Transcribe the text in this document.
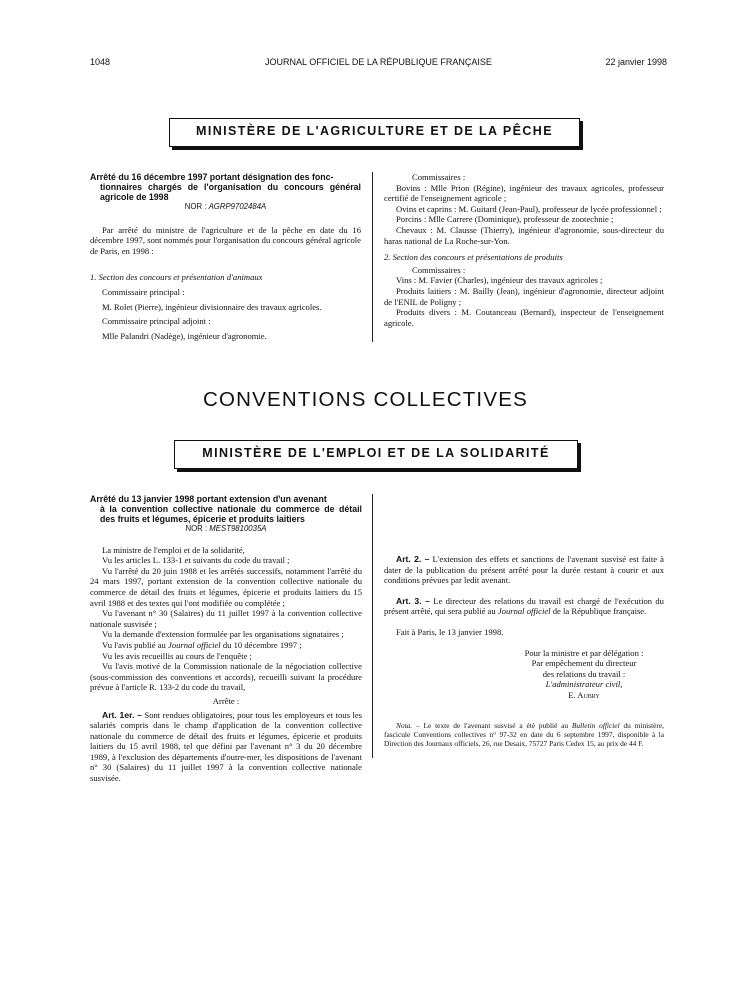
1048	JOURNAL OFFICIEL DE LA RÉPUBLIQUE FRANÇAISE	22 janvier 1998
MINISTÈRE DE L'AGRICULTURE ET DE LA PÊCHE

Arrêté du 16 décembre 1997 portant désignation des fonc-
tionnaires chargés de l'organisation du concours général agricole de 1998

NOR : AGRP9702484A

Par arrêté du ministre de l'agriculture et de la pêche en date du 16 décembre 1997, sont nommés pour l'organisation du concours général agricole de Paris, en 1998 :

1. Section des concours et présentation d'animaux

Commissaire principal :

M. Rolet (Pierre), ingénieur divisionnaire des travaux agricoles.

Commissaire principal adjoint :

Mlle Palandri (Nadège), ingénieur d'agronomie.

Commissaires :

Bovins : Mlle Prion (Régine), ingénieur des travaux agricoles, professeur certifié de l'enseignement agricole ;

Ovins et caprins : M. Guitard (Jean-Paul), professeur de lycée professionnel ;

Porcins : Mlle Carrere (Dominique), professeur de zootechnie ;

Chevaux : M. Clausse (Thierry), ingénieur d'agronomie, sous-directeur du haras national de La Roche-sur-Yon.

2. Section des concours et présentations de produits

Commissaires :

Vins : M. Favier (Charles), ingénieur des travaux agricoles ;

Produits laitiers : M. Bailly (Jean), ingénieur d'agronomie, directeur adjoint de l'ENIL de Poligny ;

Produits divers : M. Coutanceau (Bernard), inspecteur de l'enseignement agricole.

CONVENTIONS COLLECTIVES
MINISTÈRE DE L'EMPLOI ET DE LA SOLIDARITÉ

Arrêté du 13 janvier 1998 portant extension d'un avenant
à la convention collective nationale du commerce de détail des fruits et légumes, épicerie et produits laitiers

NOR : MEST9810035A

La ministre de l'emploi et de la solidarité,

Vu les articles L. 133-1 et suivants du code du travail ;

Vu l'arrêté du 20 juin 1988 et les arrêtés successifs, notamment l'arrêté du 24 mars 1997, portant extension de la convention collective nationale du commerce de détail des fruits et légumes, épicerie et produits laitiers du 15 avril 1988 et des textes qui l'ont modifiée ou complétée ;

Vu l'avenant n° 30 (Salaires) du 11 juillet 1997 à la convention collective nationale susvisée ;

Vu la demande d'extension formulée par les organisations signataires ;

Vu l'avis publié au Journal officiel du 10 décembre 1997 ;

Vu les avis recueillis au cours de l'enquête ;

Vu l'avis motivé de la Commission nationale de la négociation collective (sous-commission des conventions et accords), recueilli suivant la procédure prévue à l'article R. 133-2 du code du travail,

Arrête :

Art. 1er. – Sont rendues obligatoires, pour tous les employeurs et tous les salariés compris dans le champ d'application de la convention collective nationale du commerce de détail des fruits et légumes, épicerie et produits laitiers du 15 avril 1988, tel que défini par l'avenant n° 3 du 20 décembre 1989, à l'exclusion des départements d'outre-mer, les dispositions de l'avenant n° 30 (Salaires) du 11 juillet 1997 à la convention collective nationale susvisée.

Art. 2. – L'extension des effets et sanctions de l'avenant susvisé est faite à dater de la publication du présent arrêté pour la durée restant à courir et aux conditions prévues par ledit avenant.

Art. 3. – Le directeur des relations du travail est chargé de l'exécution du présent arrêté, qui sera publié au Journal officiel de la République française.

Fait à Paris, le 13 janvier 1998.

Pour la ministre et par délégation :

Par empêchement du directeur

des relations du travail :

L'administrateur civil,

E. Aubry

Nota. – Le texte de l'avenant susvisé a été publié au Bulletin officiel du ministère, fascicule Conventions collectives n° 97-32 en date du 6 septembre 1997, disponible à la Direction des Journaux officiels, 26, rue Desaix, 75727 Paris Cedex 15, au prix de 44 F.
